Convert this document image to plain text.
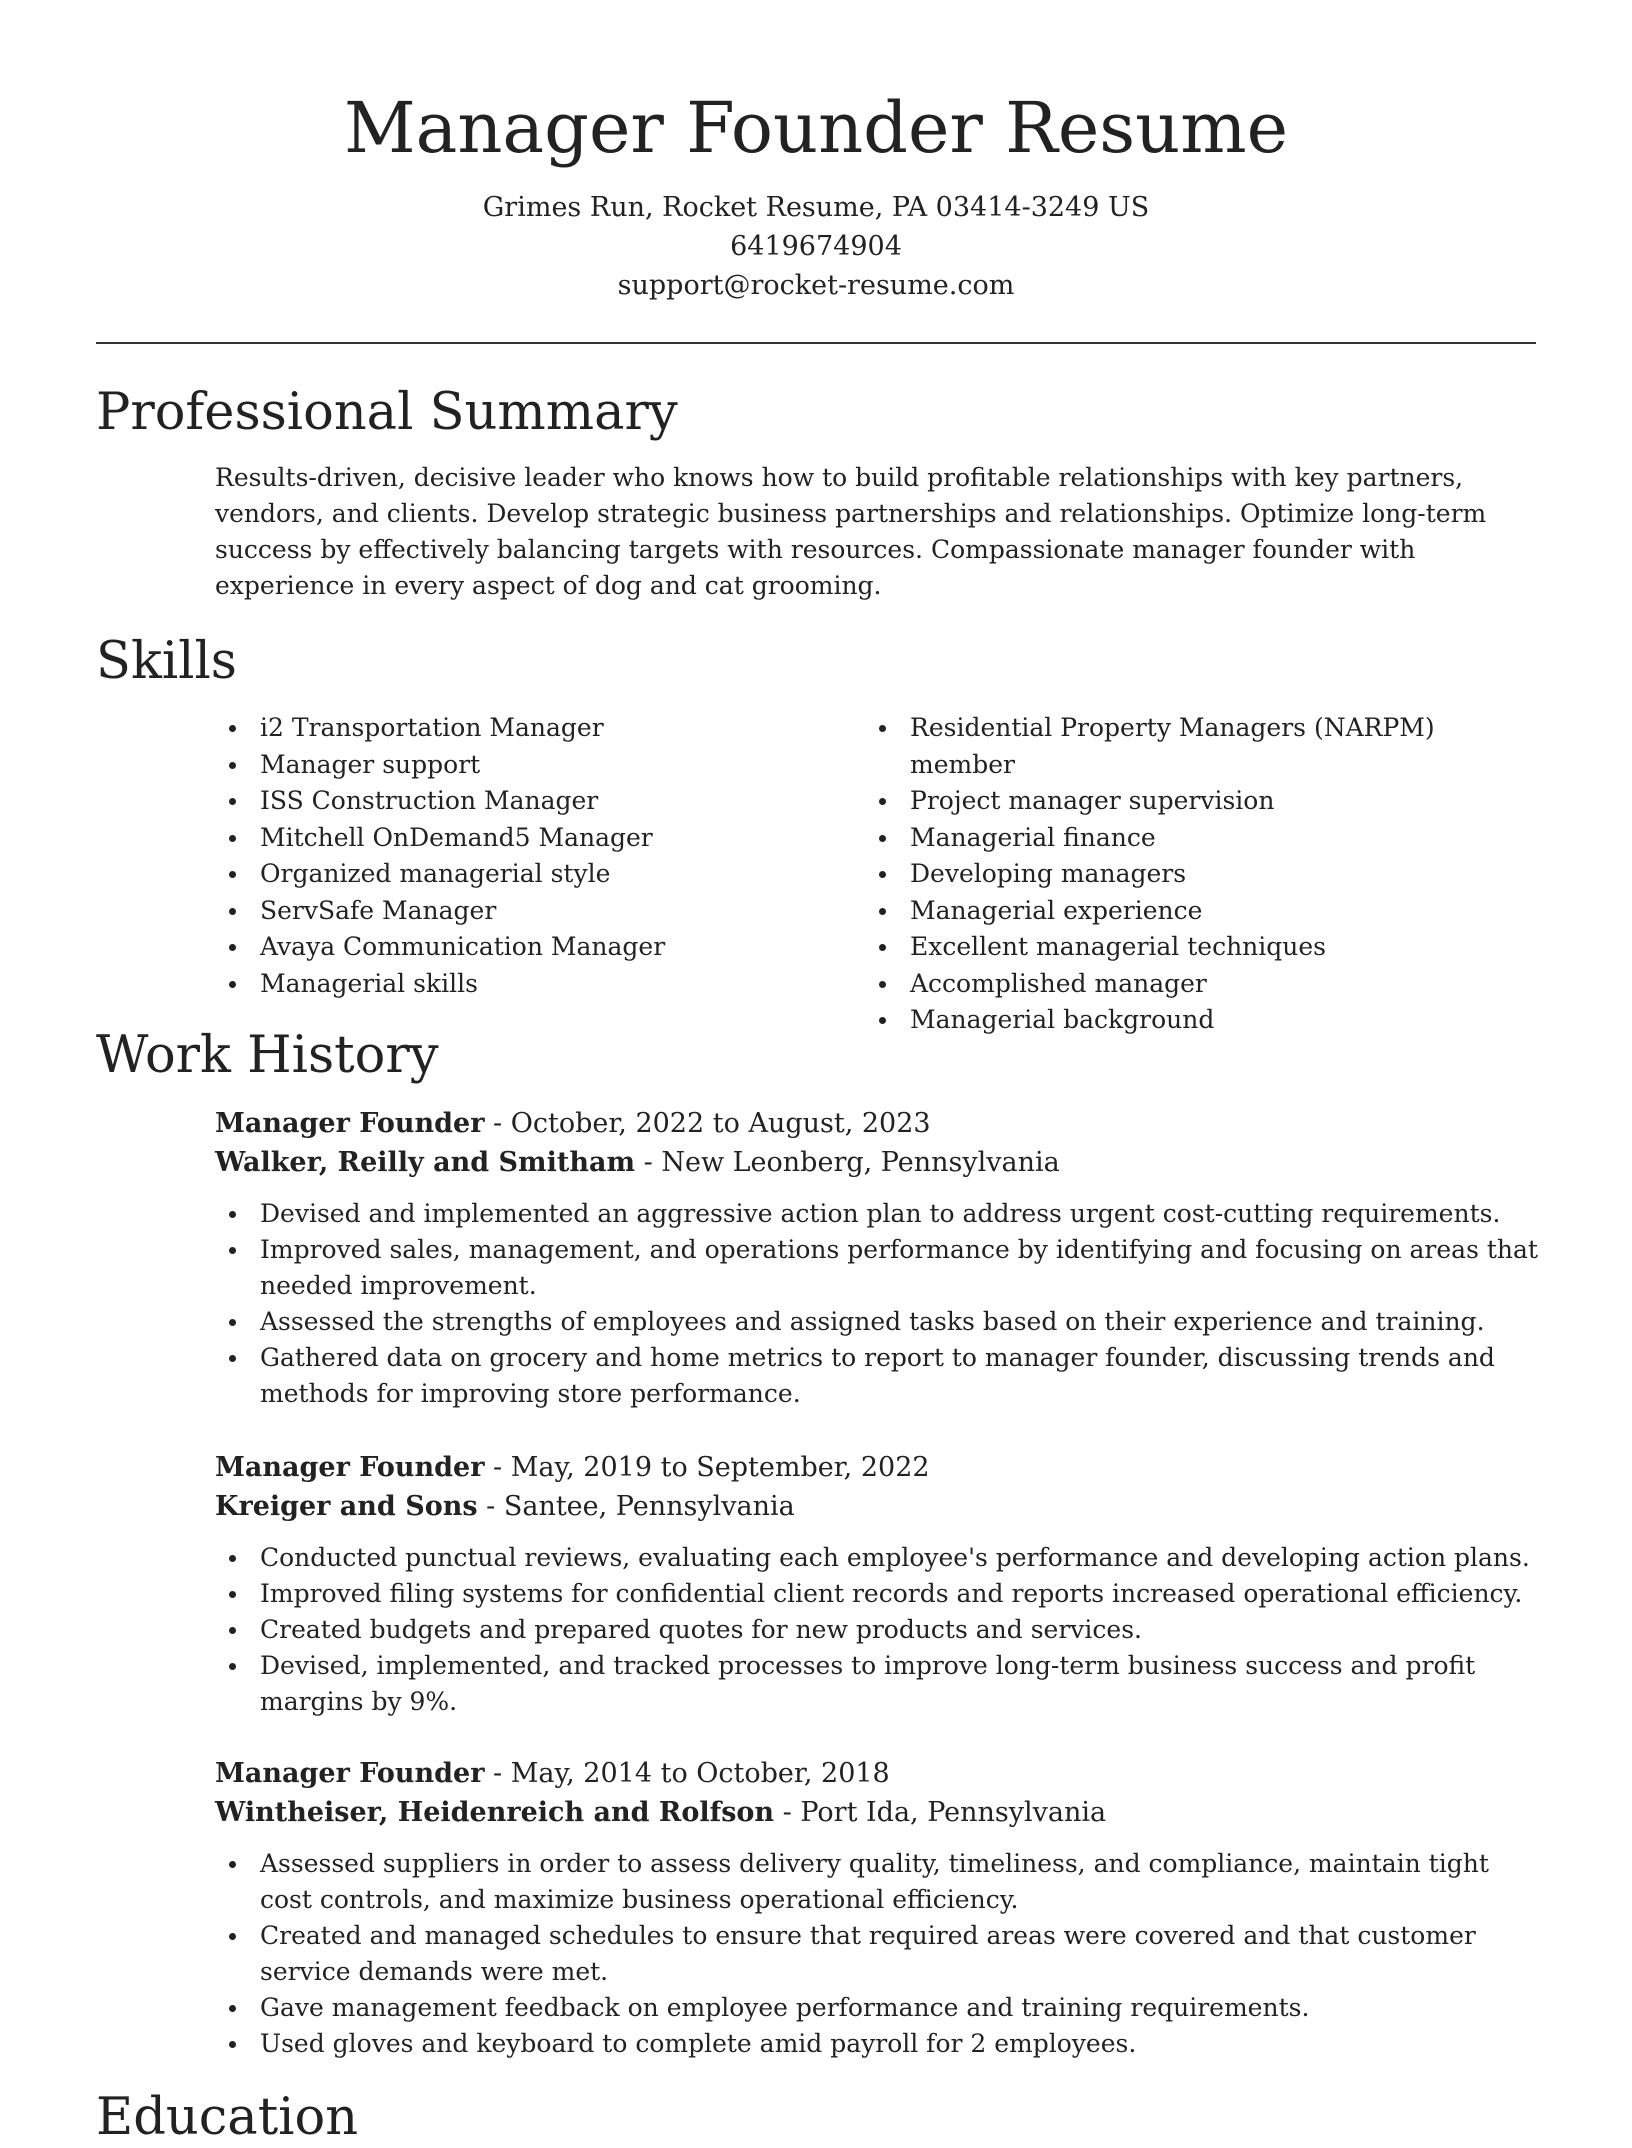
Manager Founder Resume
Grimes Run, Rocket Resume, PA 03414-3249 US
6419674904
support@rocket-resume.com
Professional Summary

Results-driven, decisive leader who knows how to build profitable relationships with key partners, vendors, and clients. Develop strategic business partnerships and relationships. Optimize long-term success by effectively balancing targets with resources. Compassionate manager founder with experience in every aspect of dog and cat grooming.

Skills
i2 Transportation Manager
Manager support
ISS Construction Manager
Mitchell OnDemand5 Manager
Organized managerial style
ServSafe Manager
Avaya Communication Manager
Managerial skills
Residential Property Managers (NARPM) member
Project manager supervision
Managerial finance
Developing managers
Managerial experience
Excellent managerial techniques
Accomplished manager
Managerial background
Work History
Manager Founder - October, 2022 to August, 2023
Walker, Reilly and Smitham - New Leonberg, Pennsylvania
Devised and implemented an aggressive action plan to address urgent cost-cutting requirements.
Improved sales, management, and operations performance by identifying and focusing on areas that needed improvement.
Assessed the strengths of employees and assigned tasks based on their experience and training.
Gathered data on grocery and home metrics to report to manager founder, discussing trends and methods for improving store performance.
Manager Founder - May, 2019 to September, 2022
Kreiger and Sons - Santee, Pennsylvania
Conducted punctual reviews, evaluating each employee's performance and developing action plans.
Improved filing systems for confidential client records and reports increased operational efficiency.
Created budgets and prepared quotes for new products and services.
Devised, implemented, and tracked processes to improve long-term business success and profit margins by 9%.
Manager Founder - May, 2014 to October, 2018
Wintheiser, Heidenreich and Rolfson - Port Ida, Pennsylvania
Assessed suppliers in order to assess delivery quality, timeliness, and compliance, maintain tight cost controls, and maximize business operational efficiency.
Created and managed schedules to ensure that required areas were covered and that customer service demands were met.
Gave management feedback on employee performance and training requirements.
Used gloves and keyboard to complete amid payroll for 2 employees.
Education
